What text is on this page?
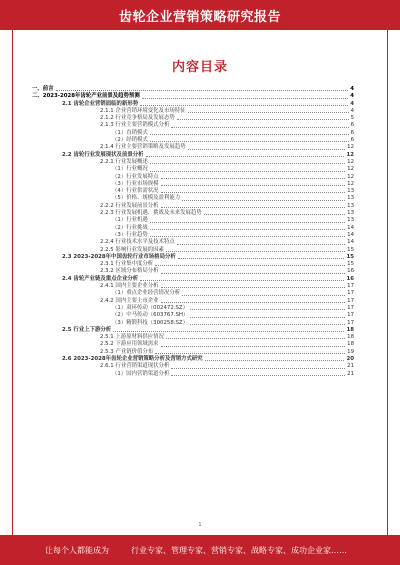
齿轮企业营销策略研究报告
内容目录
一、前言	4
二、2023-2028年齿轮产业前景及趋势预测	4
2.1 齿轮企业营销面临的新形势	4
2.1.1 企业营销环境变化及市场特征	4
2.1.2 行业竞争格局及发展态势	5
2.1.3 行业主要营销模式分析	6
（1）直销模式	6
（2）经销模式	6
2.1.4 行业主要营销策略及发展趋势	12
2.2 齿轮行业发展现状及前景分析	12
2.2.1 行业发展概述	12
（1）行业概况	12
（2）行业发展特点	12
（3）行业市场规模	12
（4）行业供需状况	13
（5）价格、规模及盈利能力	13
2.2.2 行业发展前景分析	13
2.2.3 行业发展机遇、挑战及未来发展趋势	13
（1）行业机遇	13
（2）行业挑战	14
（3）行业趋势	14
2.2.4 行业技术水平及技术特点	14
2.2.5 影响行业发展的因素	15
2.3 2023-2028年中国齿轮行业市场格局分析	15
2.3.1 行业集中度分析	15
2.3.2 区域分布格局分析	16
2.4 齿轮产业链及重点企业分析	16
2.4.1 国内主要企业分析	17
（1）重点企业经营情况分析	17
2.4.2 国内主要上市企业	17
（1）双环传动（002472.SZ）	17
（2）中马传动（603767.SH）	17
（3）精锻科技（300258.SZ）	17
2.5 行业上下游分析	18
2.5.1 上游原材料供应情况	18
2.5.2 下游应用领域需求	18
2.5.3 产业链价值分布	19
2.6 2023-2028年齿轮企业营销策略分析及营销方式研究	20
2.6.1 行业营销渠道现状分析	21
（1）国内营销渠道分析	21
1
让每个人都能成为	行业专家、管理专家、营销专家、战略专家、成功企业家……
